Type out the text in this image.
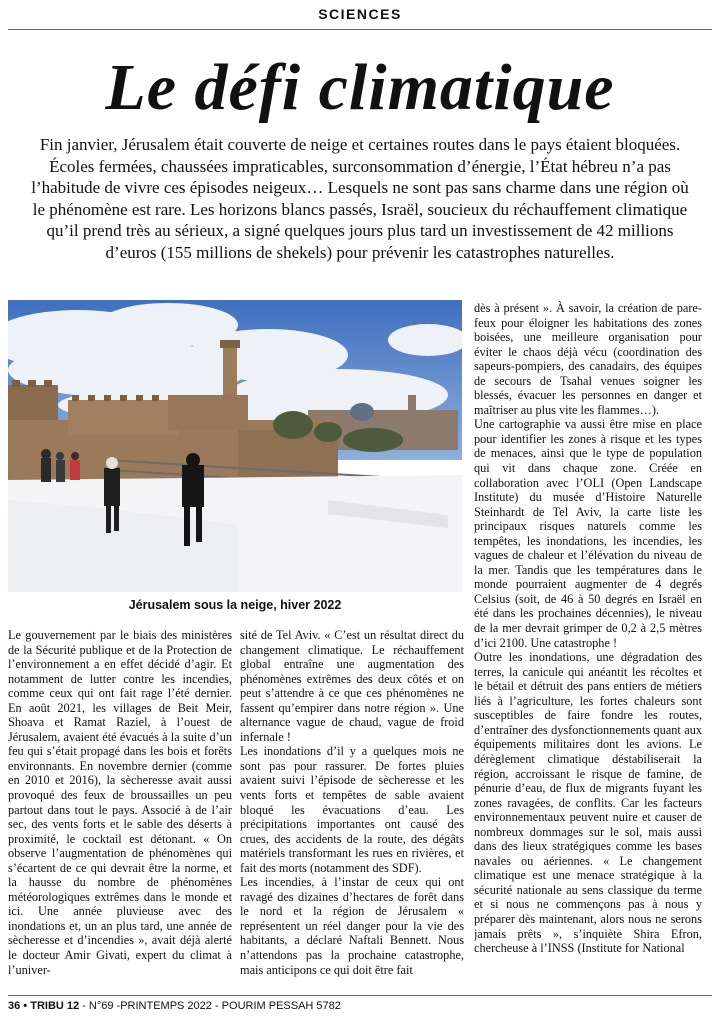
SCIENCES
Le défi climatique

Fin janvier, Jérusalem était couverte de neige et certaines routes dans le pays étaient bloquées. Écoles fermées, chaussées impraticables, surconsommation d’énergie, l’État hébreu n’a pas l’habitude de vivre ces épisodes neigeux… Lesquels ne sont pas sans charme dans une région où le phénomène est rare. Les horizons blancs passés, Israël, soucieux du réchauffement climatique qu’il prend très au sérieux, a signé quelques jours plus tard un investissement de 42 millions d’euros (155 millions de shekels) pour prévenir les catastrophes naturelles.

Jérusalem sous la neige, hiver 2022

Le gouvernement par le biais des ministères de la Sécurité publique et de la Protection de l’environnement a en effet décidé d’agir. Et notamment de lutter contre les incendies, comme ceux qui ont fait rage l’été dernier. En août 2021, les villages de Beit Meir, Shoava et Ramat Raziel, à l’ouest de Jérusalem, avaient été évacués à la suite d’un feu qui s’était propagé dans les bois et forêts environnants. En novembre dernier (comme en 2010 et 2016), la sècheresse avait aussi provoqué des feux de broussailles un peu partout dans tout le pays. Associé à de l’air sec, des vents forts et le sable des déserts à proximité, le cocktail est détonant. « On observe l’augmentation de phénomènes qui s’écartent de ce qui devrait être la norme, et la hausse du nombre de phénomènes météorologiques extrêmes dans le monde et ici. Une année pluvieuse avec des inondations et, un an plus tard, une année de sècheresse et d’incendies », avait déjà alerté le docteur Amir Givati, expert du climat à l’univer-

sité de Tel Aviv. « C’est un résultat direct du changement climatique. Le réchauffement global entraîne une augmentation des phénomènes extrêmes des deux côtés et on peut s’attendre à ce que ces phénomènes ne fassent qu’empirer dans notre région ». Une alternance vague de chaud, vague de froid infernale !

Les inondations d’il y a quelques mois ne sont pas pour rassurer. De fortes pluies avaient suivi l’épisode de sècheresse et les vents forts et tempêtes de sable avaient bloqué les évacuations d’eau. Les précipitations importantes ont causé des crues, des accidents de la route, des dégâts matériels transformant les rues en rivières, et fait des morts (notamment des SDF).

Les incendies, à l’instar de ceux qui ont ravagé des dizaines d’hectares de forêt dans le nord et la région de Jérusalem « représentent un réel danger pour la vie des habitants, a déclaré Naftali Bennett. Nous n’attendons pas la prochaine catastrophe, mais anticipons ce qui doit être fait

dès à présent ». À savoir, la création de pare-feux pour éloigner les habitations des zones boisées, une meilleure organisation pour éviter le chaos déjà vécu (coordination des sapeurs-pompiers, des canadairs, des équipes de secours de Tsahal venues soigner les blessés, évacuer les personnes en danger et maîtriser au plus vite les flammes…).

Une cartographie va aussi être mise en place pour identifier les zones à risque et les types de menaces, ainsi que le type de population qui vit dans chaque zone. Créée en collaboration avec l’OLI (Open Landscape Institute) du musée d’Histoire Naturelle Steinhardt de Tel Aviv, la carte liste les principaux risques naturels comme les tempêtes, les inondations, les incendies, les vagues de chaleur et l’élévation du niveau de la mer. Tandis que les températures dans le monde pourraient augmenter de 4 degrés Celsius (soit, de 46 à 50 degrés en Israël en été dans les prochaines décennies), le niveau de la mer devrait grimper de 0,2 à 2,5 mètres d’ici 2100. Une catastrophe !

Outre les inondations, une dégradation des terres, la canicule qui anéantit les récoltes et le bétail et détruit des pans entiers de métiers liés à l’agriculture, les fortes chaleurs sont susceptibles de faire fondre les routes, d’entraîner des dysfonctionnements quant aux équipements militaires dont les avions. Le dérèglement climatique déstabiliserait la région, accroissant le risque de famine, de pénurie d’eau, de flux de migrants fuyant les zones ravagées, de conflits. Car les facteurs environnementaux peuvent nuire et causer de nombreux dommages sur le sol, mais aussi dans des lieux stratégiques comme les bases navales ou aériennes. « Le changement climatique est une menace stratégique à la sécurité nationale au sens classique du terme et si nous ne commençons pas à nous y préparer dès maintenant, alors nous ne serons jamais prêts », s’inquiète Shira Efron, chercheuse à l’INSS (Institute for National

36 • TRIBU 12 - N°69 -PRINTEMPS 2022 - POURIM PESSAH 5782
